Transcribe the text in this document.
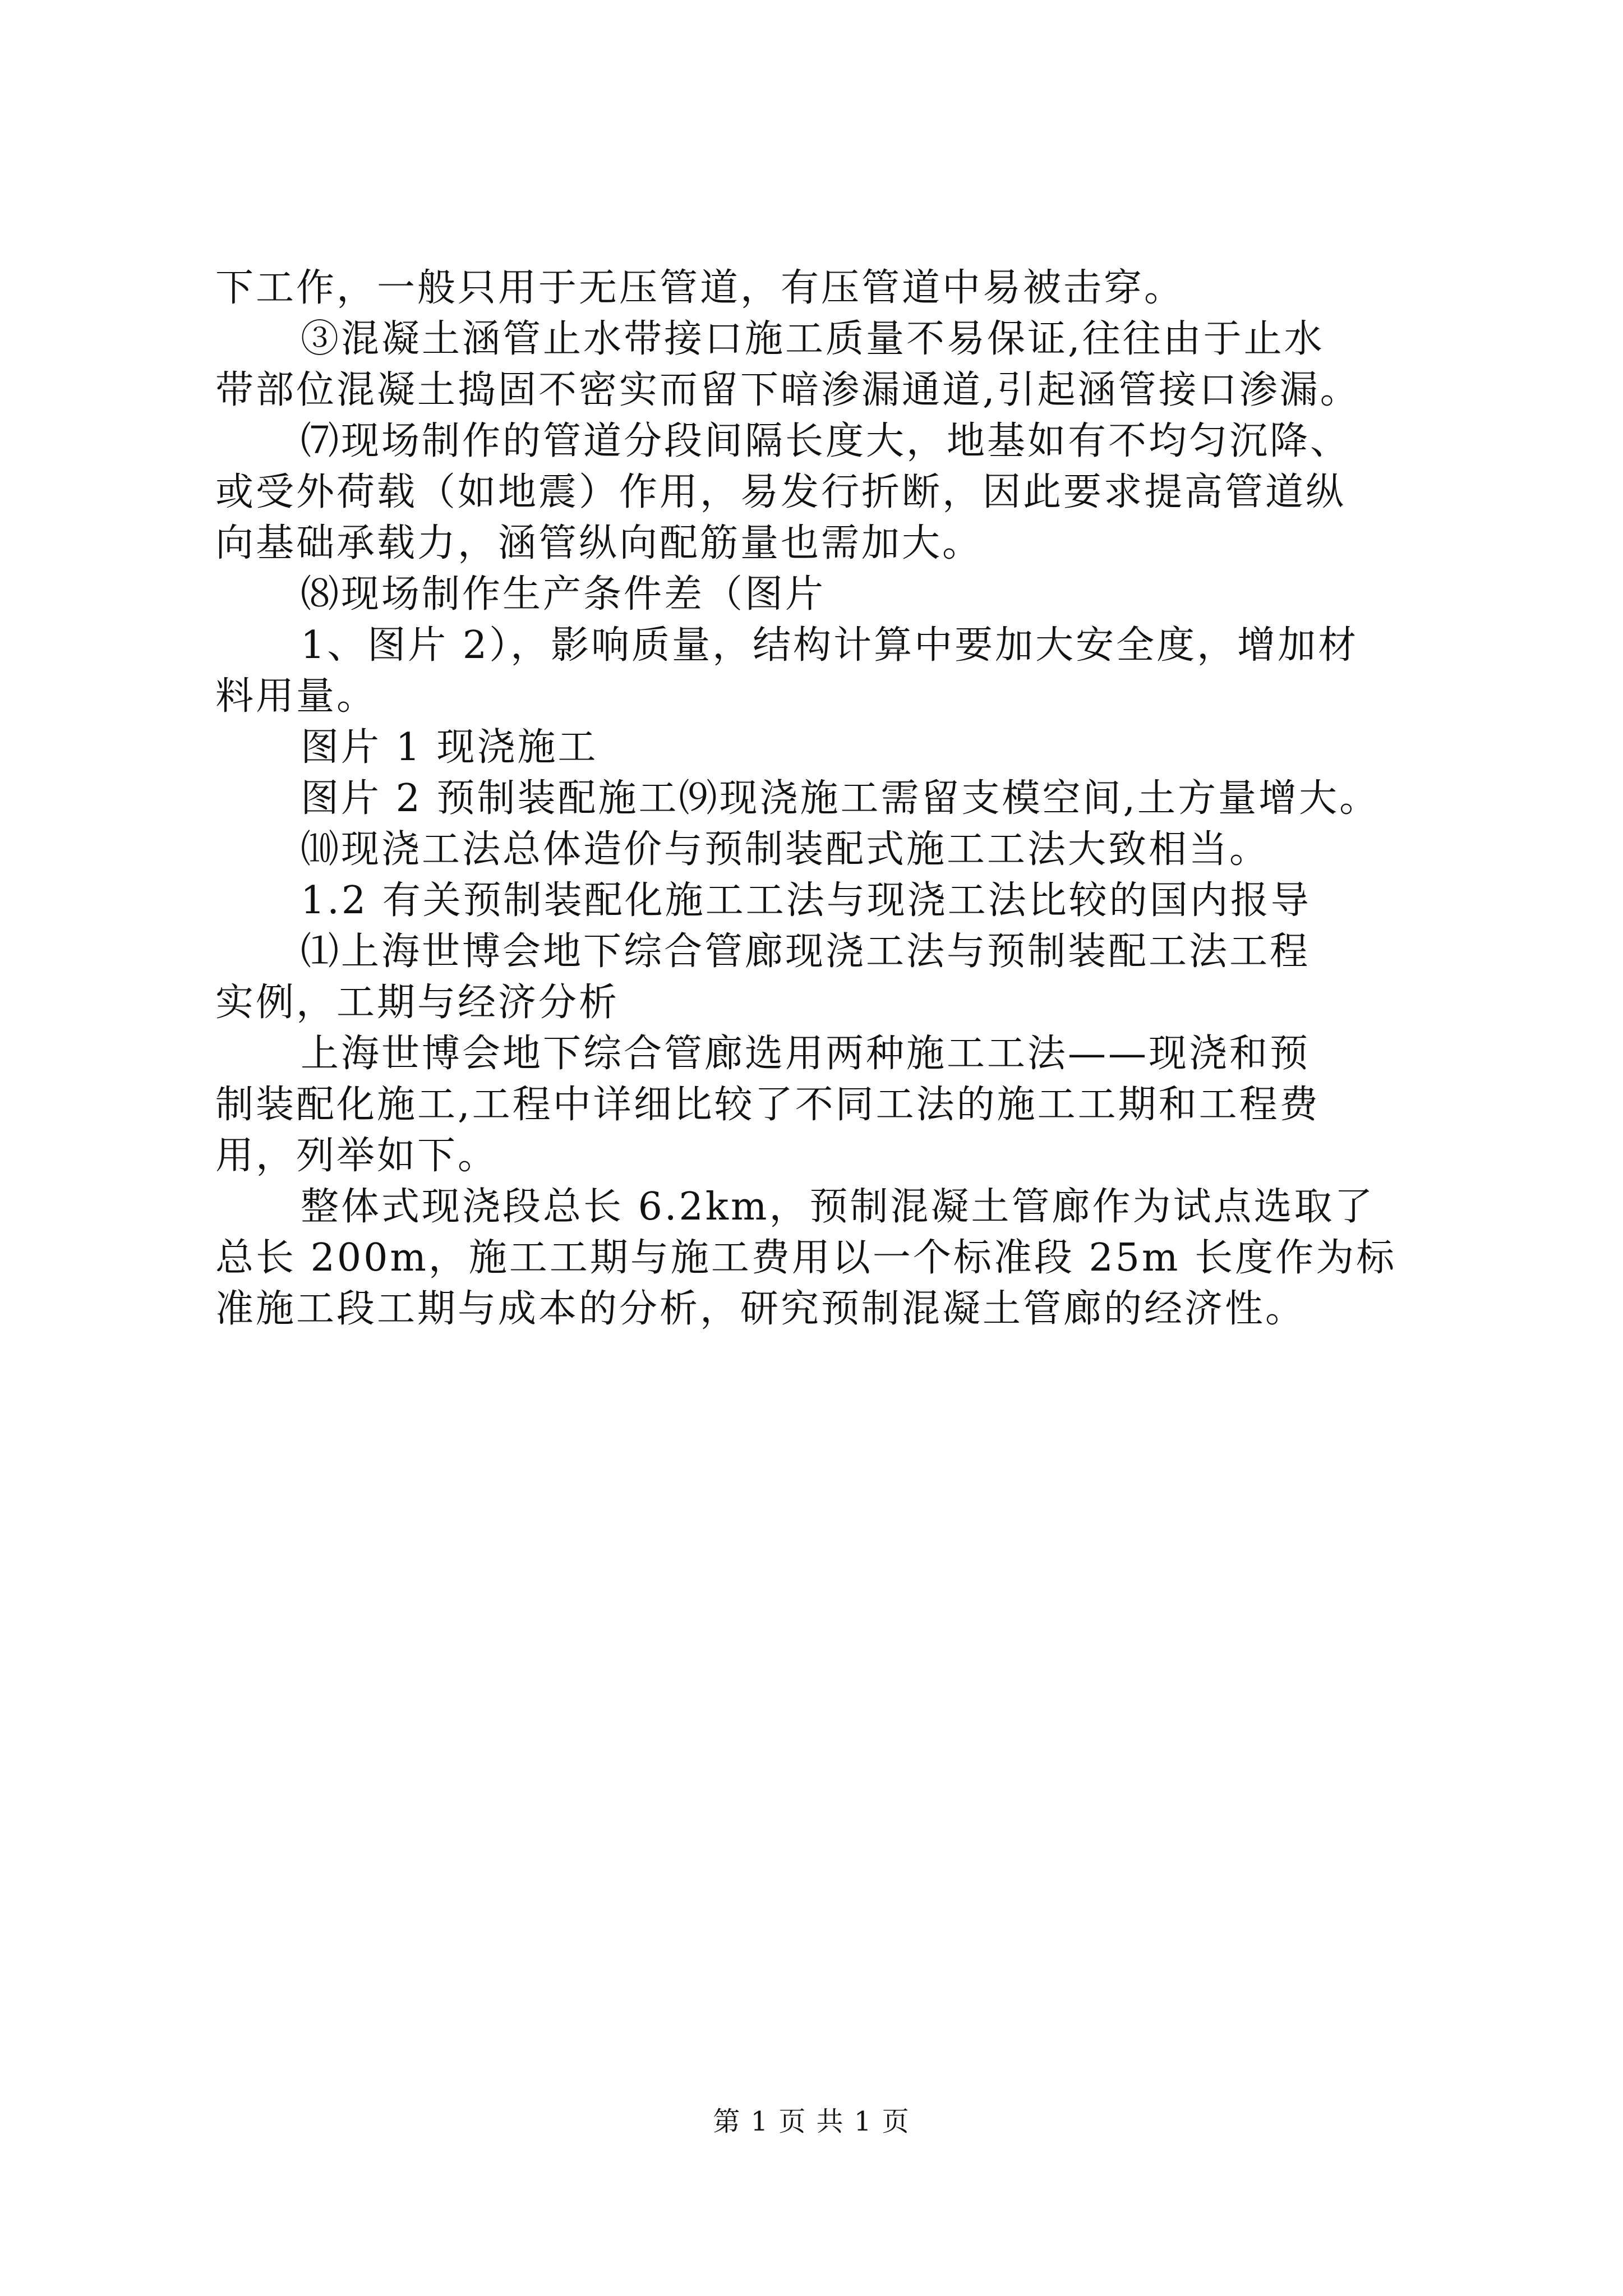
下工作，一般只用于无压管道，有压管道中易被击穿。

③混凝土涵管止水带接口施工质量不易保证,往往由于止水

带部位混凝土捣固不密实而留下暗渗漏通道,引起涵管接口渗漏。

⑺现场制作的管道分段间隔长度大，地基如有不均匀沉降、

或受外荷载（如地震）作用，易发行折断，因此要求提高管道纵

向基础承载力，涵管纵向配筋量也需加大。

⑻现场制作生产条件差（图片

1、图片 2），影响质量，结构计算中要加大安全度，增加材

料用量。

图片 1 现浇施工

图片 2 预制装配施工⑼现浇施工需留支模空间,土方量增大。

⑽现浇工法总体造价与预制装配式施工工法大致相当。

1.2 有关预制装配化施工工法与现浇工法比较的国内报导

⑴上海世博会地下综合管廊现浇工法与预制装配工法工程

实例，工期与经济分析

上海世博会地下综合管廊选用两种施工工法——现浇和预

制装配化施工,工程中详细比较了不同工法的施工工期和工程费

用，列举如下。

整体式现浇段总长 6.2km，预制混凝土管廊作为试点选取了

总长 200m，施工工期与施工费用以一个标准段 25m 长度作为标

准施工段工期与成本的分析，研究预制混凝土管廊的经济性。

第 1 页 共 1 页
